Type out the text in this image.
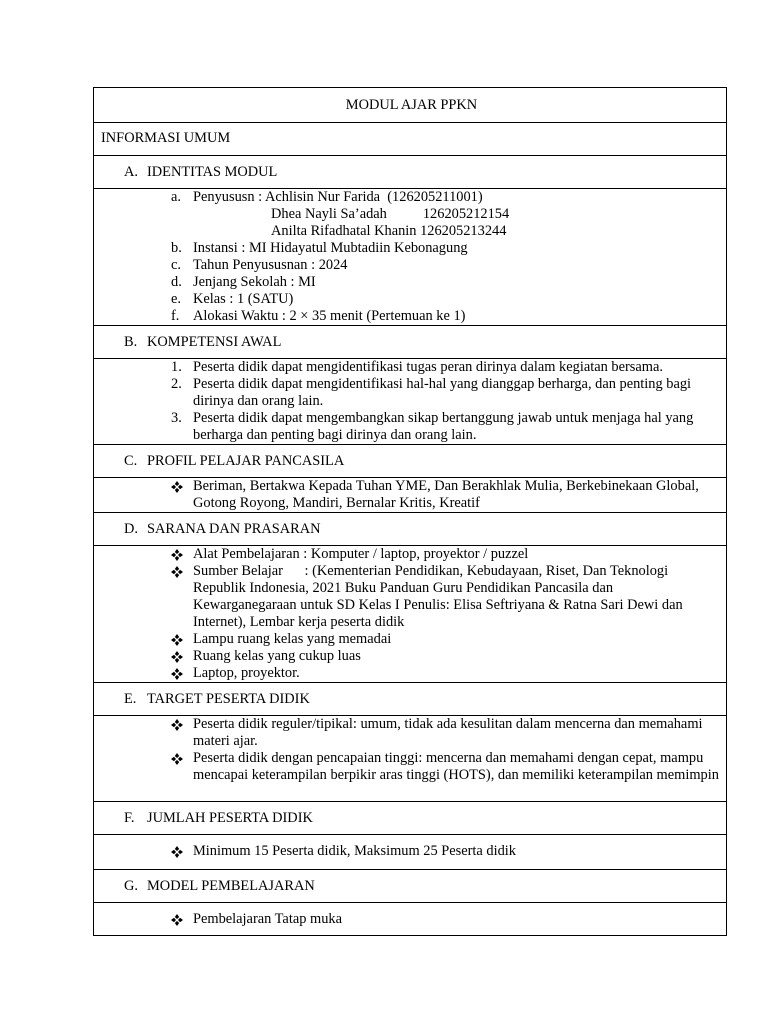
MODUL AJAR PPKN

INFORMASI UMUM

A. IDENTITAS MODUL

a. Penyususn : Achlisin Nur Farida  (126205211001)
Dhea Nayli Sa’adah          126205212154
Anilta Rifadhatal Khanin 126205213244
b. Instansi : MI Hidayatul Mubtadiin Kebonagung
c. Tahun Penyususnan : 2024
d. Jenjang Sekolah : MI
e. Kelas : 1 (SATU)
f. Alokasi Waktu : 2 × 35 menit (Pertemuan ke 1)

B. KOMPETENSI AWAL

1. Peserta didik dapat mengidentifikasi tugas peran dirinya dalam kegiatan bersama.
2. Peserta didik dapat mengidentifikasi hal-hal yang dianggap berharga, dan penting bagi dirinya dan orang lain.
3. Peserta didik dapat mengembangkan sikap bertanggung jawab untuk menjaga hal yang berharga dan penting bagi dirinya dan orang lain.

C. PROFIL PELAJAR PANCASILA

Beriman, Bertakwa Kepada Tuhan YME, Dan Berakhlak Mulia, Berkebinekaan Global, Gotong Royong, Mandiri, Bernalar Kritis, Kreatif

D. SARANA DAN PRASARAN

Alat Pembelajaran : Komputer / laptop, proyektor / puzzel
Sumber Belajar      : (Kementerian Pendidikan, Kebudayaan, Riset, Dan Teknologi Republik Indonesia, 2021 Buku Panduan Guru Pendidikan Pancasila dan Kewarganegaraan untuk SD Kelas I Penulis: Elisa Seftriyana & Ratna Sari Dewi dan Internet), Lembar kerja peserta didik
Lampu ruang kelas yang memadai
Ruang kelas yang cukup luas
Laptop, proyektor.

E. TARGET PESERTA DIDIK

Peserta didik reguler/tipikal: umum, tidak ada kesulitan dalam mencerna dan memahami materi ajar.
Peserta didik dengan pencapaian tinggi: mencerna dan memahami dengan cepat, mampu mencapai keterampilan berpikir aras tinggi (HOTS), dan memiliki keterampilan memimpin

F. JUMLAH PESERTA DIDIK

Minimum 15 Peserta didik, Maksimum 25 Peserta didik

G. MODEL PEMBELAJARAN

Pembelajaran Tatap muka
